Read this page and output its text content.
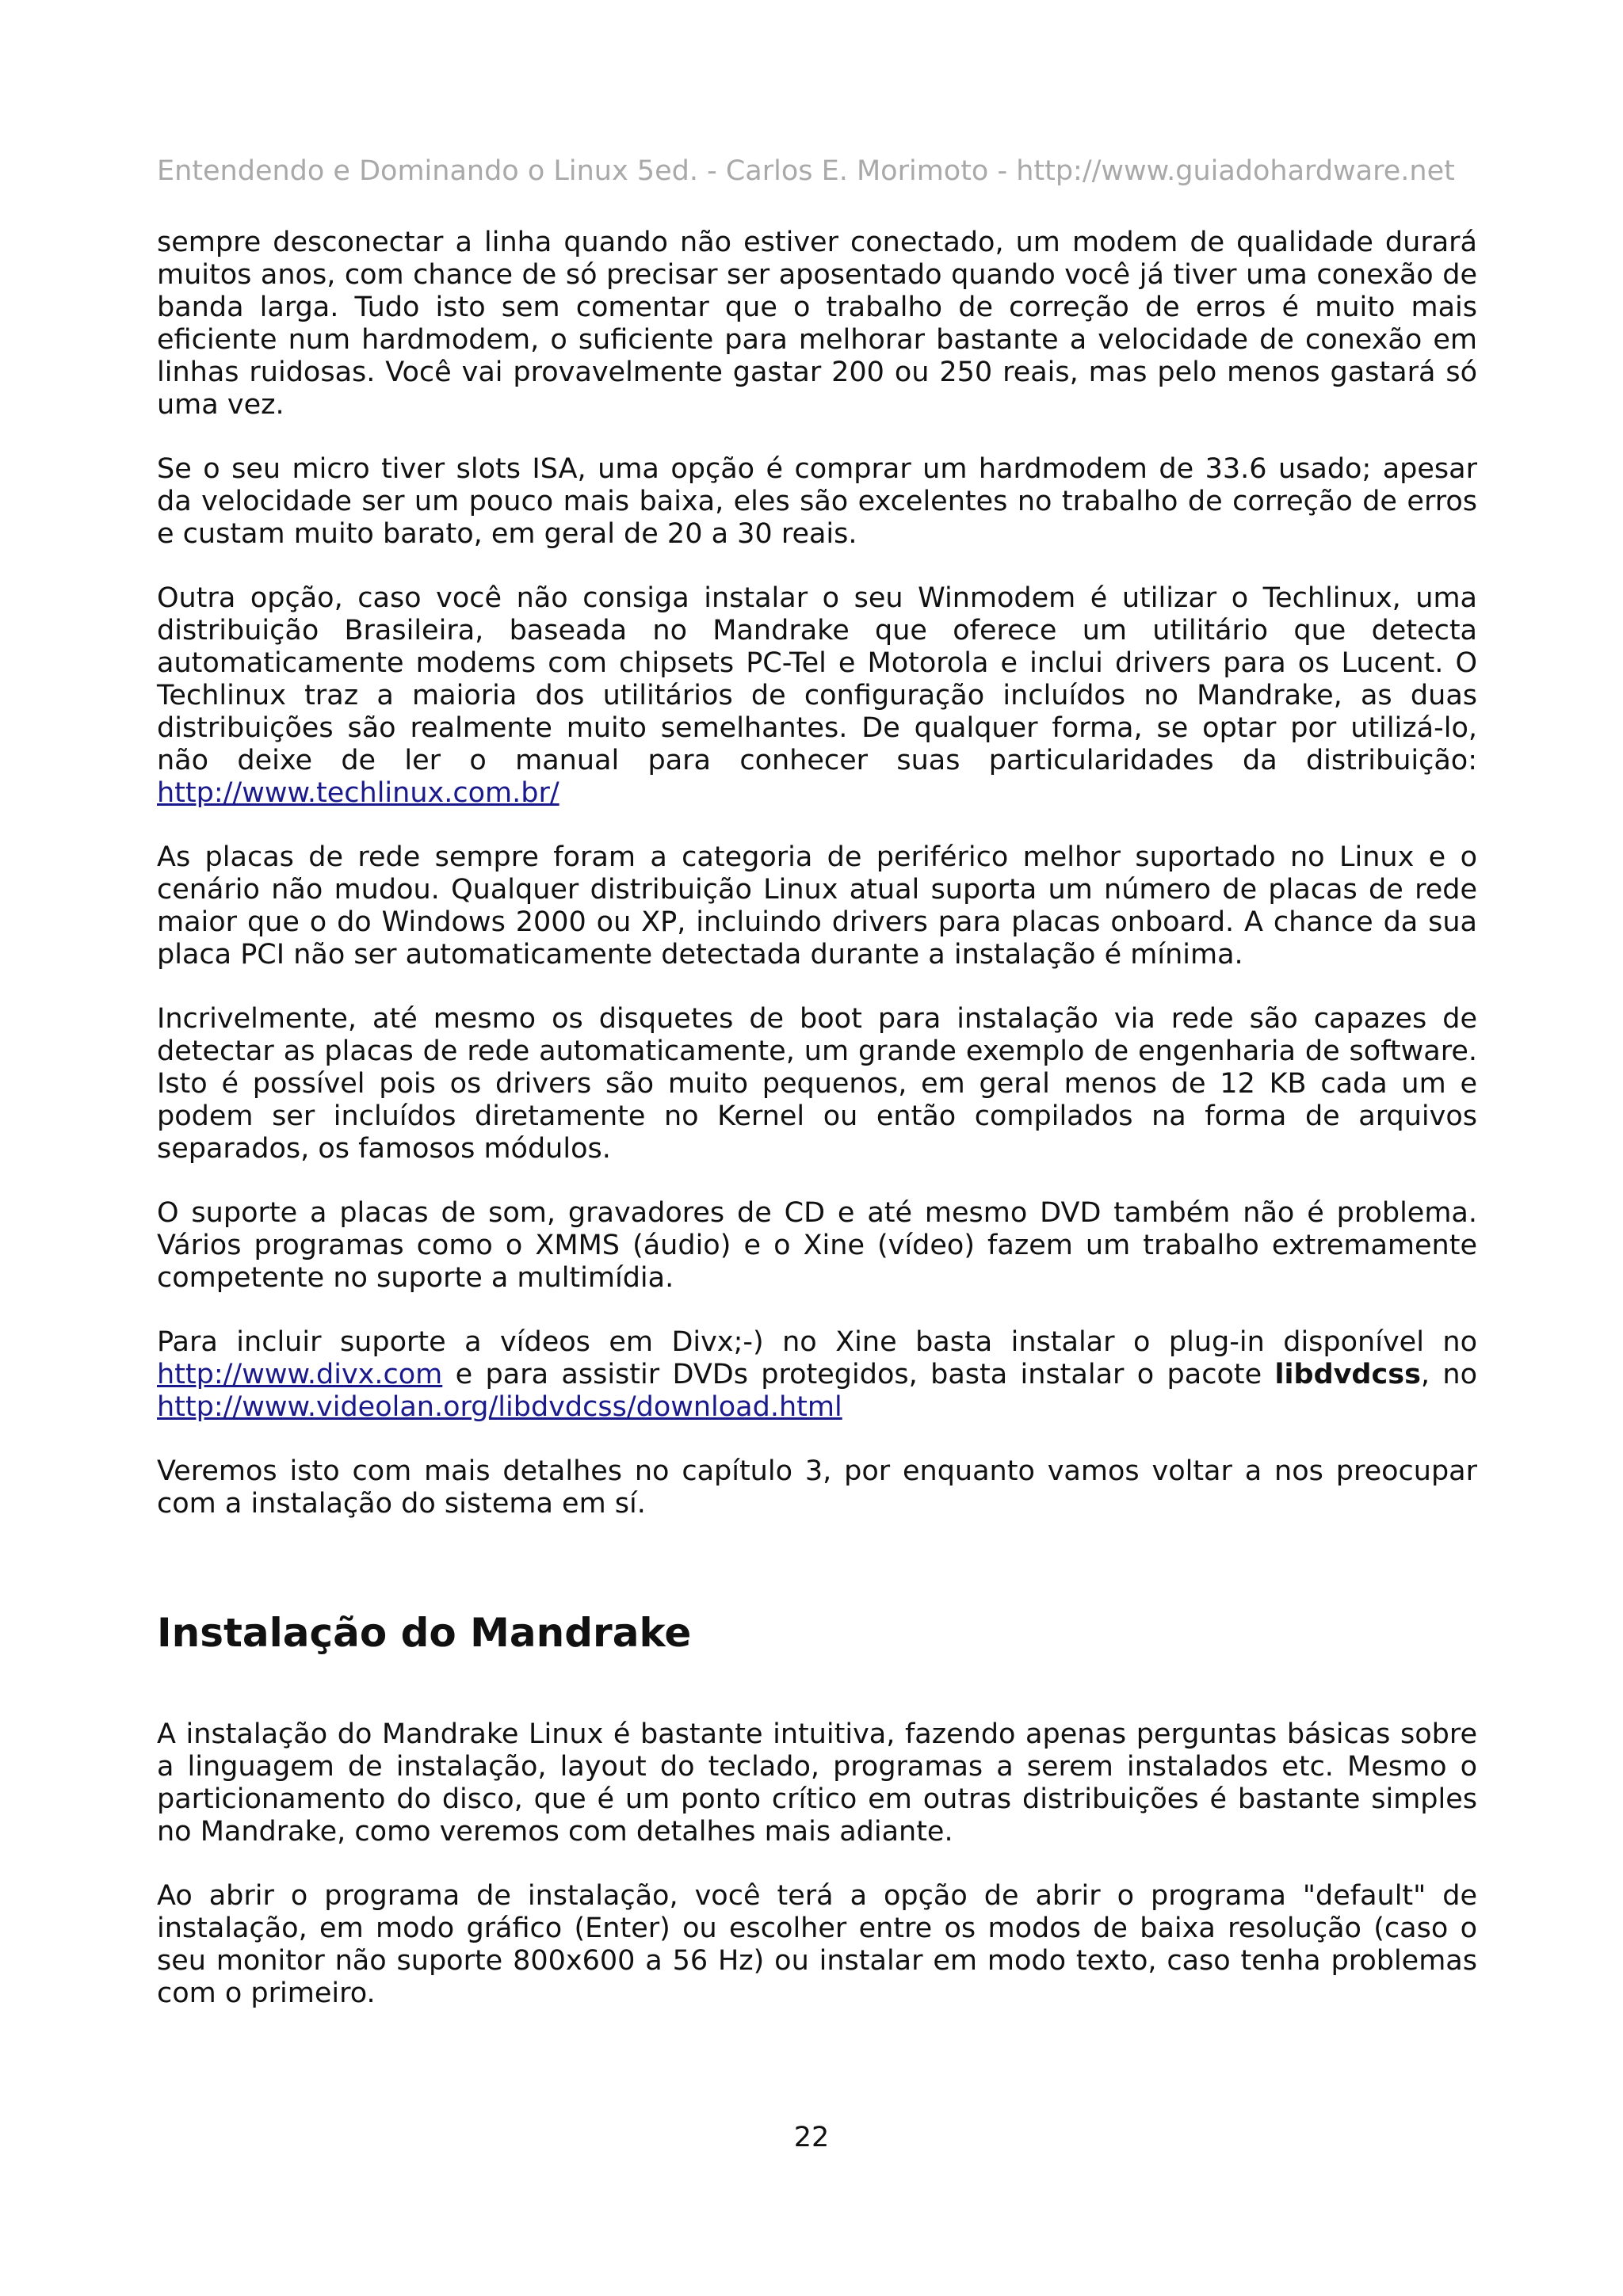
Entendendo e Dominando o Linux 5ed. - Carlos E. Morimoto - http://www.guiadohardware.net

sempre desconectar a linha quando não estiver conectado, um modem de qualidade durará muitos anos, com chance de só precisar ser aposentado quando você já tiver uma conexão de banda larga. Tudo isto sem comentar que o trabalho de correção de erros é muito mais eficiente num hardmodem, o suficiente para melhorar bastante a velocidade de conexão em linhas ruidosas. Você vai provavelmente gastar 200 ou 250 reais, mas pelo menos gastará só uma vez.

Se o seu micro tiver slots ISA, uma opção é comprar um hardmodem de 33.6 usado; apesar da velocidade ser um pouco mais baixa, eles são excelentes no trabalho de correção de erros e custam muito barato, em geral de 20 a 30 reais.

Outra opção, caso você não consiga instalar o seu Winmodem é utilizar o Techlinux, uma distribuição Brasileira, baseada no Mandrake que oferece um utilitário que detecta automaticamente modems com chipsets PC-Tel e Motorola e inclui drivers para os Lucent. O Techlinux traz a maioria dos utilitários de configuração incluídos no Mandrake, as duas distribuições são realmente muito semelhantes. De qualquer forma, se optar por utilizá-lo, não deixe de ler o manual para conhecer suas particularidades da distribuição: http://www.techlinux.com.br/

As placas de rede sempre foram a categoria de periférico melhor suportado no Linux e o cenário não mudou. Qualquer distribuição Linux atual suporta um número de placas de rede maior que o do Windows 2000 ou XP, incluindo drivers para placas onboard. A chance da sua placa PCI não ser automaticamente detectada durante a instalação é mínima.

Incrivelmente, até mesmo os disquetes de boot para instalação via rede são capazes de detectar as placas de rede automaticamente, um grande exemplo de engenharia de software. Isto é possível pois os drivers são muito pequenos, em geral menos de 12 KB cada um e podem ser incluídos diretamente no Kernel ou então compilados na forma de arquivos separados, os famosos módulos.

O suporte a placas de som, gravadores de CD e até mesmo DVD também não é problema. Vários programas como o XMMS (áudio) e o Xine (vídeo) fazem um trabalho extremamente competente no suporte a multimídia.

Para incluir suporte a vídeos em Divx;-) no Xine basta instalar o plug-in disponível no http://www.divx.com e para assistir DVDs protegidos, basta instalar o pacote libdvdcss, no http://www.videolan.org/libdvdcss/download.html

Veremos isto com mais detalhes no capítulo 3, por enquanto vamos voltar a nos preocupar com a instalação do sistema em sí.

Instalação do Mandrake

A instalação do Mandrake Linux é bastante intuitiva, fazendo apenas perguntas básicas sobre a linguagem de instalação, layout do teclado, programas a serem instalados etc. Mesmo o particionamento do disco, que é um ponto crítico em outras distribuições é bastante simples no Mandrake, como veremos com detalhes mais adiante.

Ao abrir o programa de instalação, você terá a opção de abrir o programa "default" de instalação, em modo gráfico (Enter) ou escolher entre os modos de baixa resolução (caso o seu monitor não suporte 800x600 a 56 Hz) ou instalar em modo texto, caso tenha problemas com o primeiro.

22
